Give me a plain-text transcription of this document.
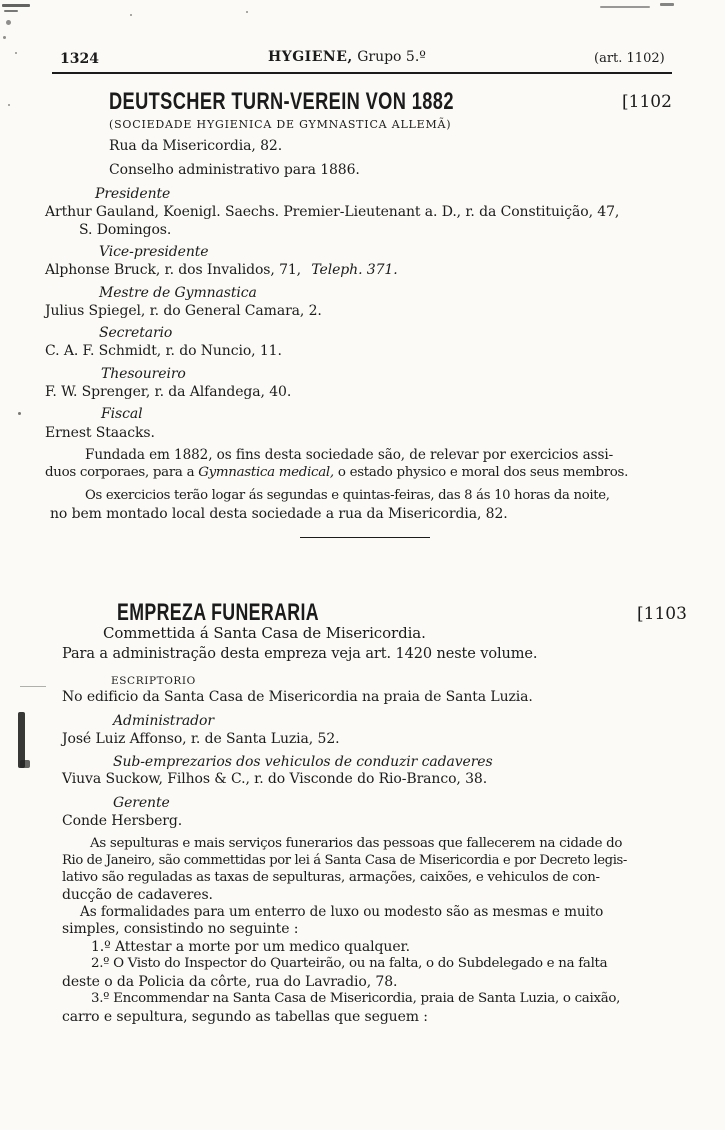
1324	HYGIENE, Grupo 5.º	(art. 1102)
DEUTSCHER TURN-VEREIN VON 1882	[1102
(SOCIEDADE HYGIENICA DE GYMNASTICA ALLEMÃ)
Rua da Misericordia, 82.
Conselho administrativo para 1886.
Presidente
Arthur Gauland, Koenigl. Saechs. Premier-Lieutenant a. D., r. da Constituição, 47,
S. Domingos.
Vice-presidente
Alphonse Bruck, r. dos Invalidos, 71, Teleph. 371.
Mestre de Gymnastica
Julius Spiegel, r. do General Camara, 2.
Secretario
C. A. F. Schmidt, r. do Nuncio, 11.
Thesoureiro
F. W. Sprenger, r. da Alfandega, 40.
Fiscal
Ernest Staacks.
Fundada em 1882, os fins desta sociedade são, de relevar por exercicios assi-
duos corporaes, para a Gymnastica medical, o estado physico e moral dos seus membros.
Os exercicios terão logar ás segundas e quintas-feiras, das 8 ás 10 horas da noite,
no bem montado local desta sociedade a rua da Misericordia, 82.
EMPREZA FUNERARIA	[1103
Commettida á Santa Casa de Misericordia.
Para a administração desta empreza veja art. 1420 neste volume.
ESCRIPTORIO
No edificio da Santa Casa de Misericordia na praia de Santa Luzia.
Administrador
José Luiz Affonso, r. de Santa Luzia, 52.
Sub-emprezarios dos vehiculos de conduzir cadaveres
Viuva Suckow, Filhos & C., r. do Visconde do Rio-Branco, 38.
Gerente
Conde Hersberg.
As sepulturas e mais serviços funerarios das pessoas que fallecerem na cidade do
Rio de Janeiro, são commettidas por lei á Santa Casa de Misericordia e por Decreto legis-
lativo são reguladas as taxas de sepulturas, armações, caixões, e vehiculos de con-
ducção de cadaveres.
As formalidades para um enterro de luxo ou modesto são as mesmas e muito
simples, consistindo no seguinte :
1.º Attestar a morte por um medico qualquer.
2.º O Visto do Inspector do Quarteirão, ou na falta, o do Subdelegado e na falta
deste o da Policia da côrte, rua do Lavradio, 78.
3.º Encommendar na Santa Casa de Misericordia, praia de Santa Luzia, o caixão,
carro e sepultura, segundo as tabellas que seguem :
